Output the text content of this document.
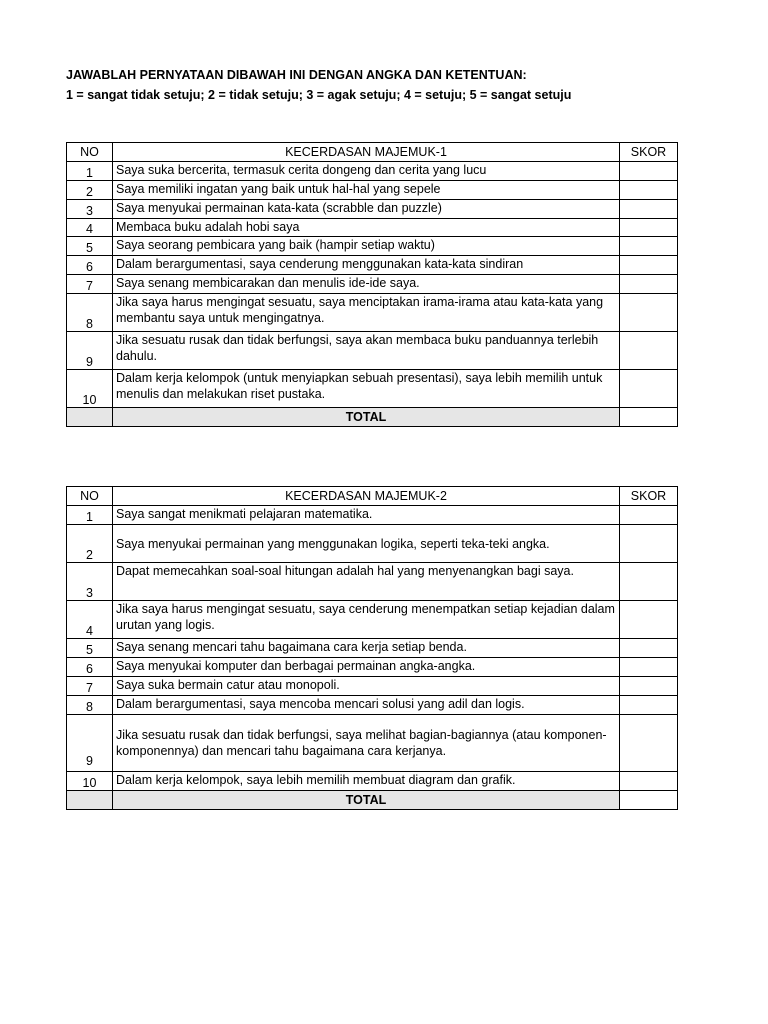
JAWABLAH PERNYATAAN DIBAWAH INI DENGAN ANGKA DAN KETENTUAN:
1 = sangat tidak setuju; 2 = tidak setuju; 3 = agak setuju; 4 = setuju; 5 = sangat setuju
NO	KECERDASAN MAJEMUK-1	SKOR
1	Saya suka bercerita, termasuk cerita dongeng dan cerita yang lucu	
2	Saya memiliki ingatan yang baik untuk hal-hal yang sepele	
3	Saya menyukai permainan kata-kata (scrabble dan puzzle)	
4	Membaca buku adalah hobi saya	
5	Saya seorang pembicara yang baik (hampir setiap waktu)	
6	Dalam berargumentasi, saya cenderung menggunakan kata-kata sindiran	
7	Saya senang membicarakan dan menulis ide-ide saya.	
8	Jika saya harus mengingat sesuatu, saya menciptakan irama-irama atau kata-kata yang membantu saya untuk mengingatnya.	
9	Jika sesuatu rusak dan tidak berfungsi, saya akan membaca buku panduannya terlebih dahulu.	
10	Dalam kerja kelompok (untuk menyiapkan sebuah presentasi), saya lebih memilih untuk menulis dan melakukan riset pustaka.	
	TOTAL	
NO	KECERDASAN MAJEMUK-2	SKOR
1	Saya sangat menikmati pelajaran matematika.	
2	Saya menyukai permainan yang menggunakan logika, seperti teka-teki angka.	
3	Dapat memecahkan soal-soal hitungan adalah hal yang menyenangkan bagi saya.	
4	Jika saya harus mengingat sesuatu, saya cenderung menempatkan setiap kejadian dalam urutan yang logis.	
5	Saya senang mencari tahu bagaimana cara kerja setiap benda.	
6	Saya menyukai komputer dan berbagai permainan angka-angka.	
7	Saya suka bermain catur atau monopoli.	
8	Dalam berargumentasi, saya mencoba mencari solusi yang adil dan logis.	
9	Jika sesuatu rusak dan tidak berfungsi, saya melihat bagian-bagiannya (atau komponen-komponennya) dan mencari tahu bagaimana cara kerjanya.	
10	Dalam kerja kelompok, saya lebih memilih membuat diagram dan grafik.	
	TOTAL	
